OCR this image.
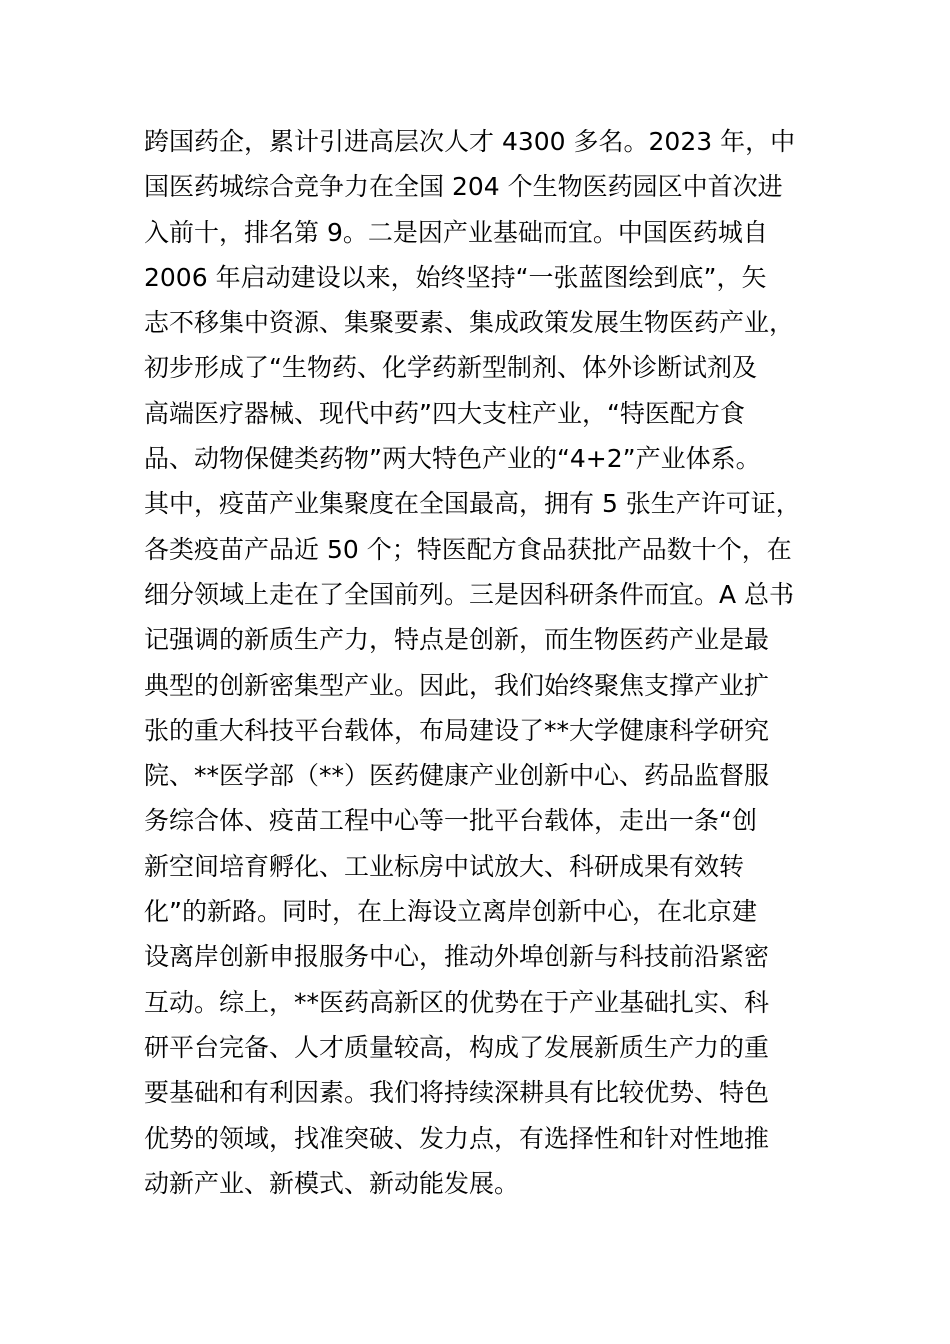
跨国药企，累计引进高层次人才 4300 多名。2023 年，中
国医药城综合竞争力在全国 204 个生物医药园区中首次进
入前十，排名第 9。二是因产业基础而宜。中国医药城自
2006 年启动建设以来，始终坚持“一张蓝图绘到底”，矢
志不移集中资源、集聚要素、集成政策发展生物医药产业，
初步形成了“生物药、化学药新型制剂、体外诊断试剂及
高端医疗器械、现代中药”四大支柱产业，“特医配方食
品、动物保健类药物”两大特色产业的“4+2”产业体系。
其中，疫苗产业集聚度在全国最高，拥有 5 张生产许可证，
各类疫苗产品近 50 个；特医配方食品获批产品数十个，在
细分领域上走在了全国前列。三是因科研条件而宜。A 总书
记强调的新质生产力，特点是创新，而生物医药产业是最
典型的创新密集型产业。因此，我们始终聚焦支撑产业扩
张的重大科技平台载体，布局建设了**大学健康科学研究
院、**医学部（**）医药健康产业创新中心、药品监督服
务综合体、疫苗工程中心等一批平台载体，走出一条“创
新空间培育孵化、工业标房中试放大、科研成果有效转
化”的新路。同时，在上海设立离岸创新中心，在北京建
设离岸创新申报服务中心，推动外埠创新与科技前沿紧密
互动。综上，**医药高新区的优势在于产业基础扎实、科
研平台完备、人才质量较高，构成了发展新质生产力的重
要基础和有利因素。我们将持续深耕具有比较优势、特色
优势的领域，找准突破、发力点，有选择性和针对性地推
动新产业、新模式、新动能发展。
